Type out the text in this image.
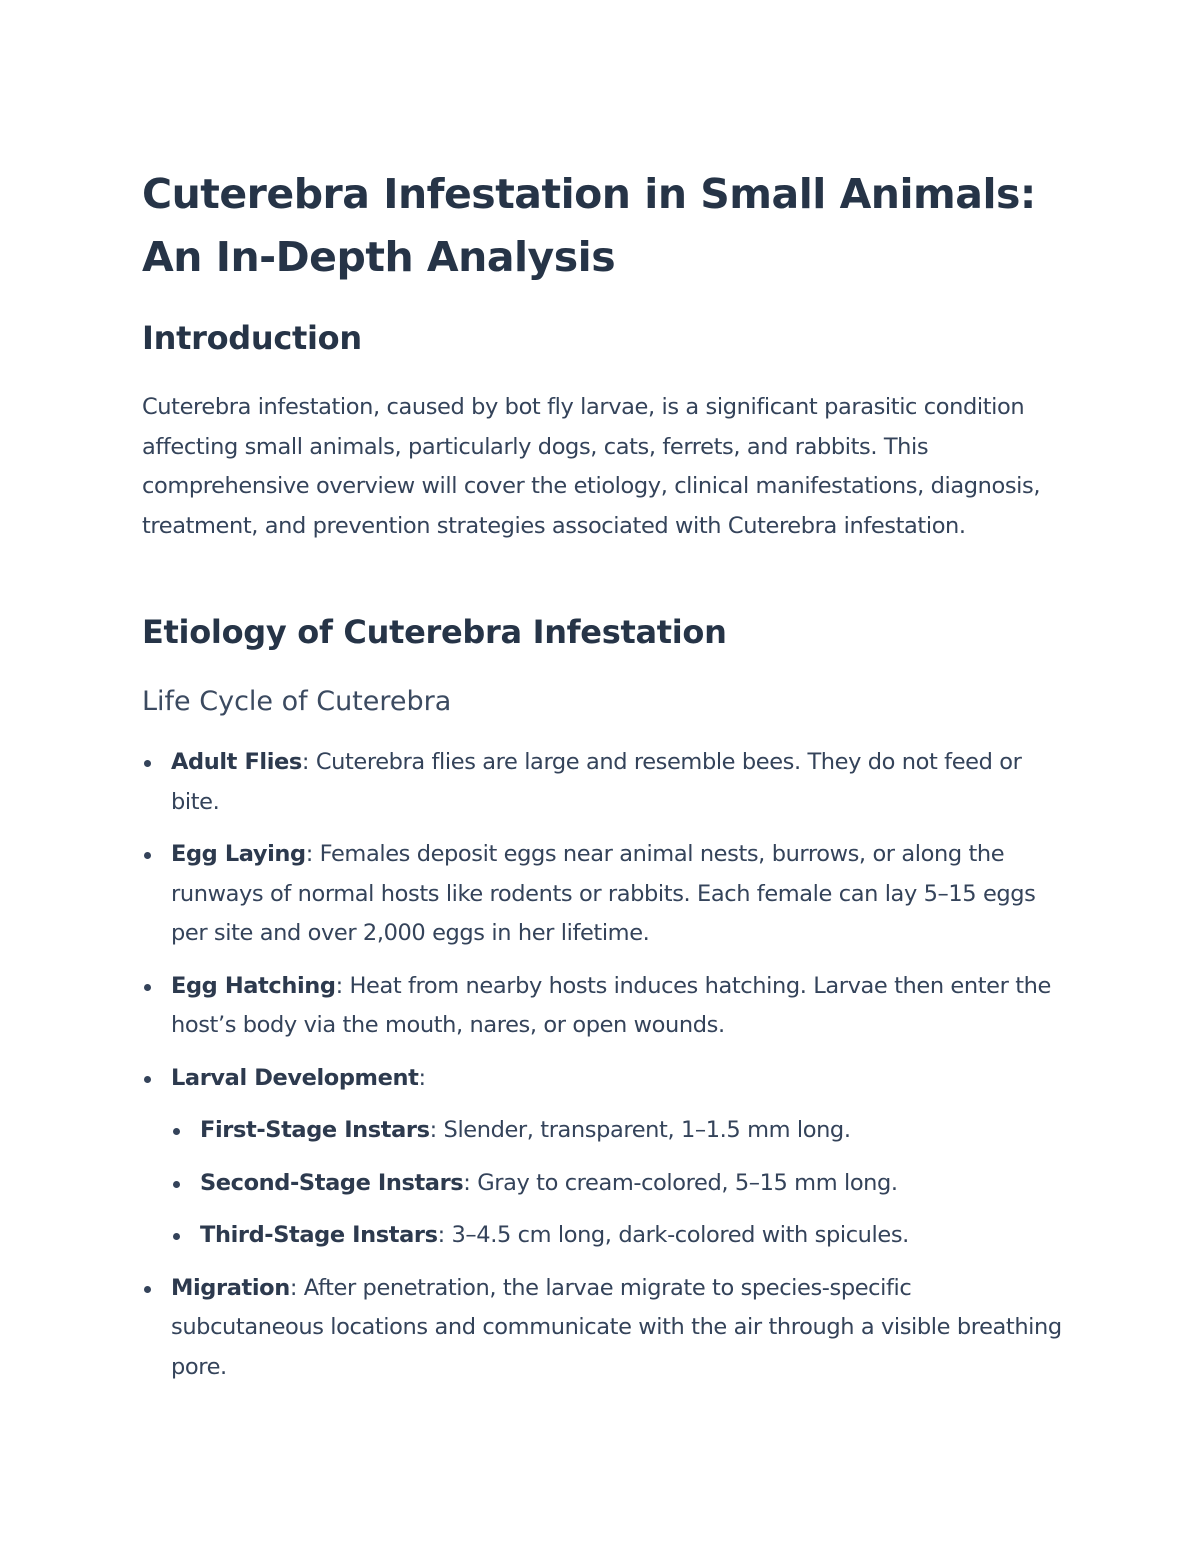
Cuterebra Infestation in Small Animals:
An In-Depth Analysis
Introduction

Cuterebra infestation, caused by bot fly larvae, is a significant parasitic condition affecting small animals, particularly dogs, cats, ferrets, and rabbits. This comprehensive overview will cover the etiology, clinical manifestations, diagnosis, treatment, and prevention strategies associated with Cuterebra infestation.

Etiology of Cuterebra Infestation
Life Cycle of Cuterebra
Adult Flies: Cuterebra flies are large and resemble bees. They do not feed or bite.
Egg Laying: Females deposit eggs near animal nests, burrows, or along the runways of normal hosts like rodents or rabbits. Each female can lay 5–15 eggs per site and over 2,000 eggs in her lifetime.
Egg Hatching: Heat from nearby hosts induces hatching. Larvae then enter the host’s body via the mouth, nares, or open wounds.
Larval Development:
First-Stage Instars: Slender, transparent, 1–1.5 mm long.
Second-Stage Instars: Gray to cream-colored, 5–15 mm long.
Third-Stage Instars: 3–4.5 cm long, dark-colored with spicules.
Migration: After penetration, the larvae migrate to species-specific subcutaneous locations and communicate with the air through a visible breathing pore.
